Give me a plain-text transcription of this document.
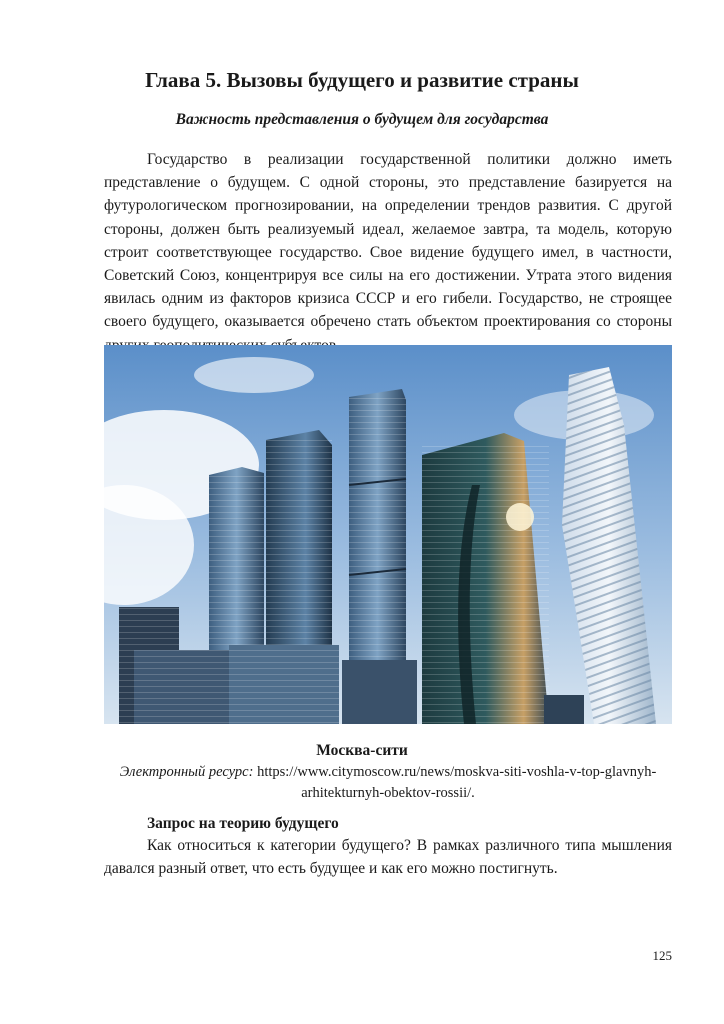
Глава 5. Вызовы будущего и развитие страны
Важность представления о будущем для государства

Государство в реализации государственной политики должно иметь представление о будущем. С одной стороны, это представление базируется на футурологическом прогнозировании, на определении трендов развития. С другой стороны, должен быть реализуемый идеал, желаемое завтра, та модель, которую строит соответствующее государство. Свое видение будущего имел, в частности, Советский Союз, концентрируя все силы на его достижении. Утрата этого видения явилась одним из факторов кризиса СССР и его гибели. Государство, не строящее своего будущего, оказывается обречено стать объектом проектирования со стороны

Москва-сити

Электронный ресурс: https://www.citymoscow.ru/news/moskva-siti-voshla-v-top-glavnyh-arhitekturnyh-obektov-rossii/.

Запрос на теорию будущего

Как относиться к категории будущего? В рамках различного типа мышления давался разный ответ, что есть будущее и как его можно постигнуть.

125
